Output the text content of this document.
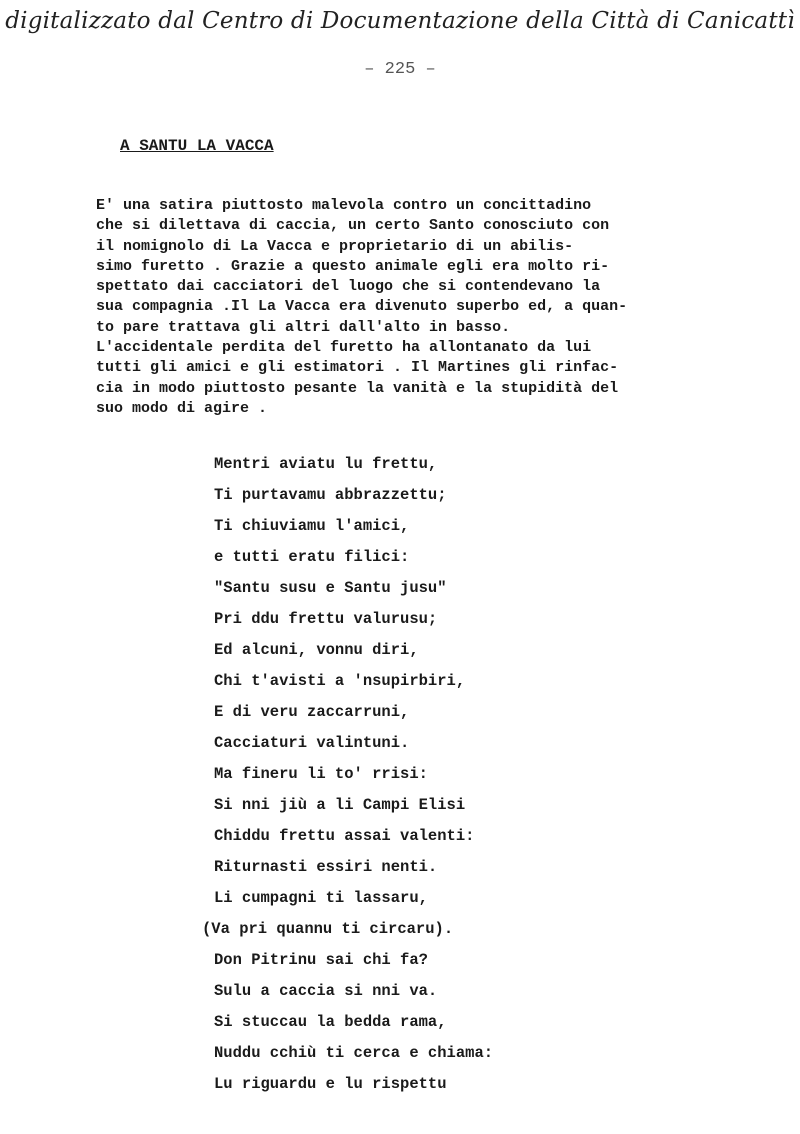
digitalizzato dal Centro di Documentazione della Città di Canicattì
– 225 –
A SANTU LA VACCA
E' una satira piuttosto malevola contro un concittadino
che si dilettava di caccia, un certo Santo conosciuto con
il nomignolo di La Vacca e proprietario di un abilis-
simo furetto . Grazie a questo animale egli era molto ri-
spettato dai cacciatori del luogo che si contendevano la
sua compagnia .Il La Vacca era divenuto superbo ed, a quan-
to pare trattava gli altri dall'alto in basso.
L'accidentale perdita del furetto ha allontanato da lui
tutti gli amici e gli estimatori . Il Martines gli rinfac-
cia in modo piuttosto pesante la vanità e la stupidità del
suo modo di agire .
Mentri aviatu lu frettu,
Ti purtavamu abbrazzettu;
Ti chiuviamu l'amici,
e tutti eratu filici:
"Santu susu e Santu jusu"
Pri ddu frettu valurusu;
Ed alcuni, vonnu diri,
Chi t'avisti a 'nsupirbiri,
E di veru zaccarruni,
Cacciaturi valintuni.
Ma fineru li to' rrisi:
Si nni jiù a li Campi Elisi
Chiddu frettu assai valenti:
Riturnasti essiri nenti.
Li cumpagni ti lassaru,
(Va pri quannu ti circaru).
Don Pitrinu sai chi fa?
Sulu a caccia si nni va.
Si stuccau la bedda rama,
Nuddu cchiù ti cerca e chiama:
Lu riguardu e lu rispettu
